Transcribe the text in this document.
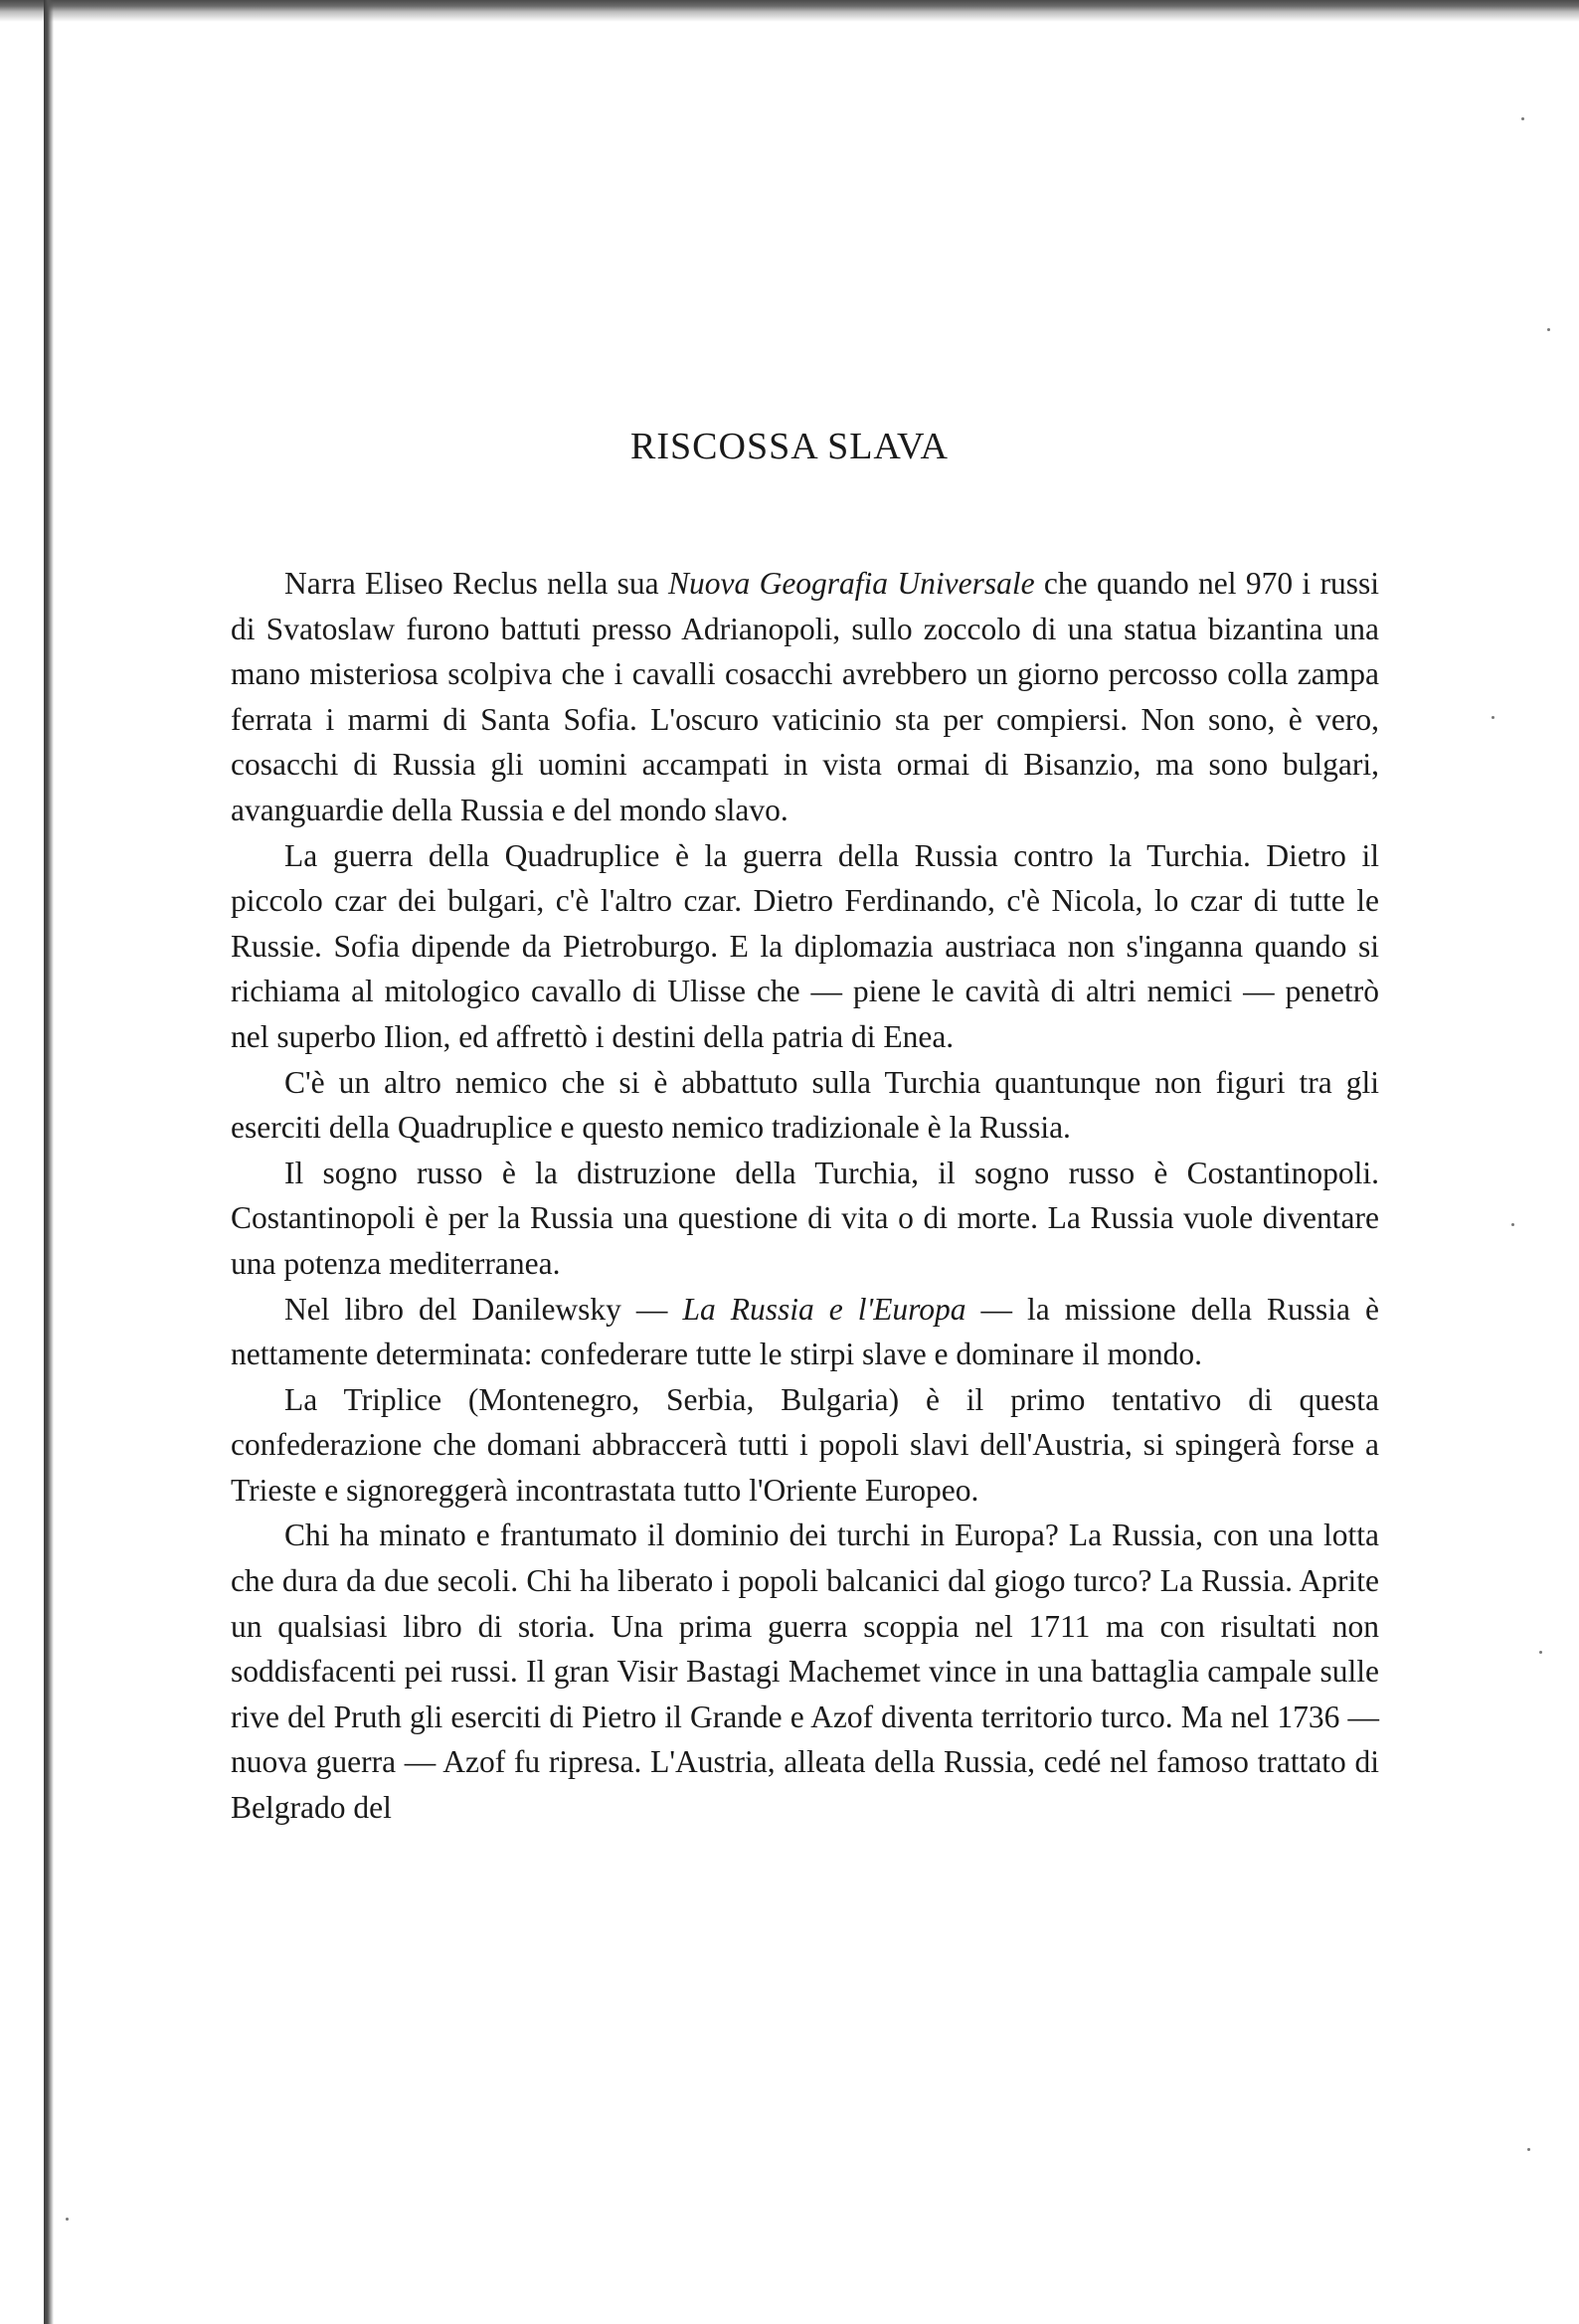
RISCOSSA SLAVA

Narra Eliseo Reclus nella sua Nuova Geografia Universale che quando nel 970 i russi di Svatoslaw furono battuti presso Adrianopoli, sullo zoccolo di una statua bizantina una mano misteriosa scolpiva che i cavalli cosacchi avrebbero un giorno percosso colla zampa ferrata i marmi di Santa Sofia. L'oscuro vaticinio sta per compiersi. Non sono, è vero, cosacchi di Russia gli uomini accampati in vista ormai di Bisanzio, ma sono bulgari, avanguardie della Russia e del mondo slavo.

La guerra della Quadruplice è la guerra della Russia contro la Turchia. Dietro il piccolo czar dei bulgari, c'è l'altro czar. Dietro Ferdinando, c'è Nicola, lo czar di tutte le Russie. Sofia dipende da Pietroburgo. E la diplomazia austriaca non s'inganna quando si richiama al mitologico cavallo di Ulisse che — piene le cavità di altri nemici — penetrò nel superbo Ilion, ed affrettò i destini della patria di Enea.

C'è un altro nemico che si è abbattuto sulla Turchia quantunque non figuri tra gli eserciti della Quadruplice e questo nemico tradizionale è la Russia.

Il sogno russo è la distruzione della Turchia, il sogno russo è Costantinopoli. Costantinopoli è per la Russia una questione di vita o di morte. La Russia vuole diventare una potenza mediterranea.

Nel libro del Danilewsky — La Russia e l'Europa — la missione della Russia è nettamente determinata: confederare tutte le stirpi slave e dominare il mondo.

La Triplice (Montenegro, Serbia, Bulgaria) è il primo tentativo di questa confederazione che domani abbraccerà tutti i popoli slavi dell'Austria, si spingerà forse a Trieste e signoreggerà incontrastata tutto l'Oriente Europeo.

Chi ha minato e frantumato il dominio dei turchi in Europa? La Russia, con una lotta che dura da due secoli. Chi ha liberato i popoli balcanici dal giogo turco? La Russia. Aprite un qualsiasi libro di storia. Una prima guerra scoppia nel 1711 ma con risultati non soddisfacenti pei russi. Il gran Visir Bastagi Machemet vince in una battaglia campale sulle rive del Pruth gli eserciti di Pietro il Grande e Azof diventa territorio turco. Ma nel 1736 — nuova guerra — Azof fu ripresa. L'Austria, alleata della Russia, cedé nel famoso trattato di Belgrado del
